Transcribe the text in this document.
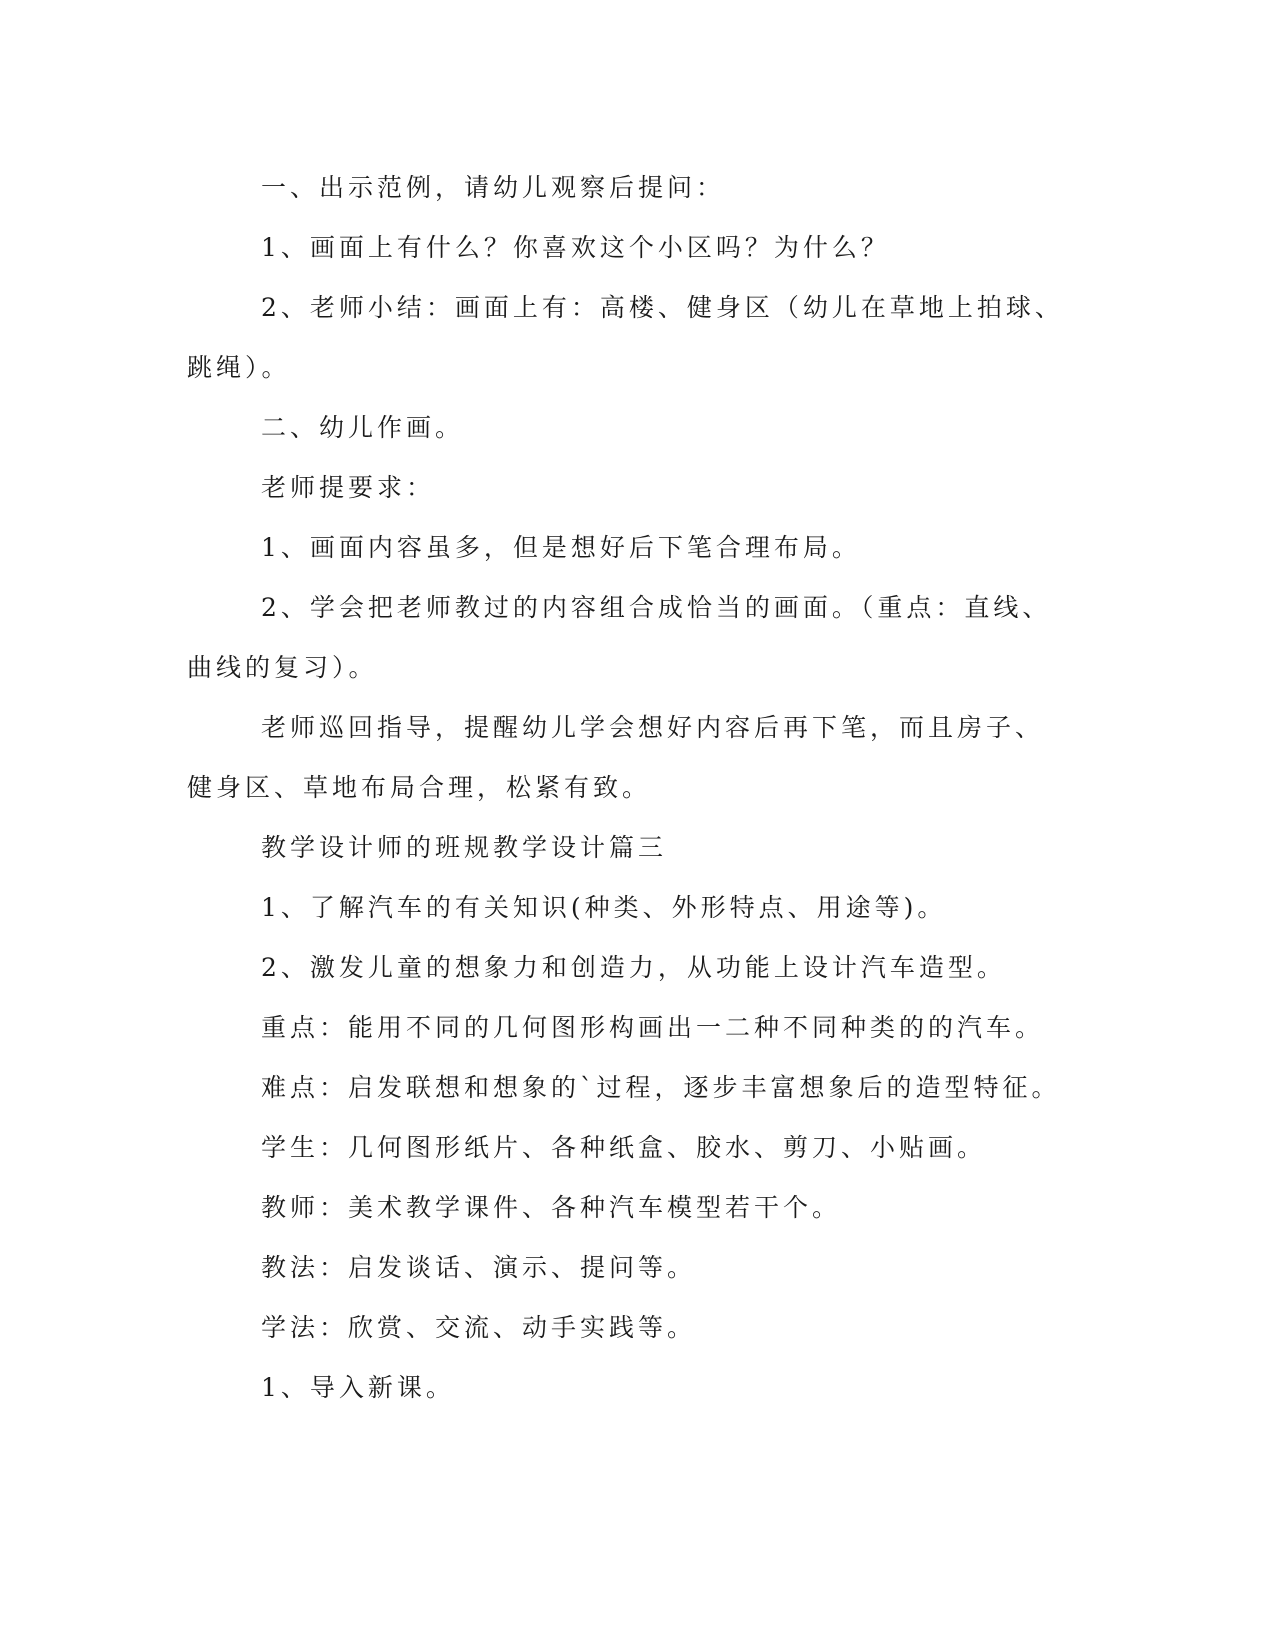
一、出示范例，请幼儿观察后提问：

1、画面上有什么？你喜欢这个小区吗？为什么？

2、老师小结：画面上有：高楼、健身区（幼儿在草地上拍球、跳绳）。

二、幼儿作画。

老师提要求：

1、画面内容虽多，但是想好后下笔合理布局。

2、学会把老师教过的内容组合成恰当的画面。（重点：直线、曲线的复习）。

老师巡回指导，提醒幼儿学会想好内容后再下笔，而且房子、健身区、草地布局合理，松紧有致。

教学设计师的班规教学设计篇三

1、了解汽车的有关知识(种类、外形特点、用途等)。

2、激发儿童的想象力和创造力，从功能上设计汽车造型。

重点：能用不同的几何图形构画出一二种不同种类的的汽车。

难点：启发联想和想象的`过程，逐步丰富想象后的造型特征。

学生：几何图形纸片、各种纸盒、胶水、剪刀、小贴画。

教师：美术教学课件、各种汽车模型若干个。

教法：启发谈话、演示、提问等。

学法：欣赏、交流、动手实践等。

1、导入新课。
